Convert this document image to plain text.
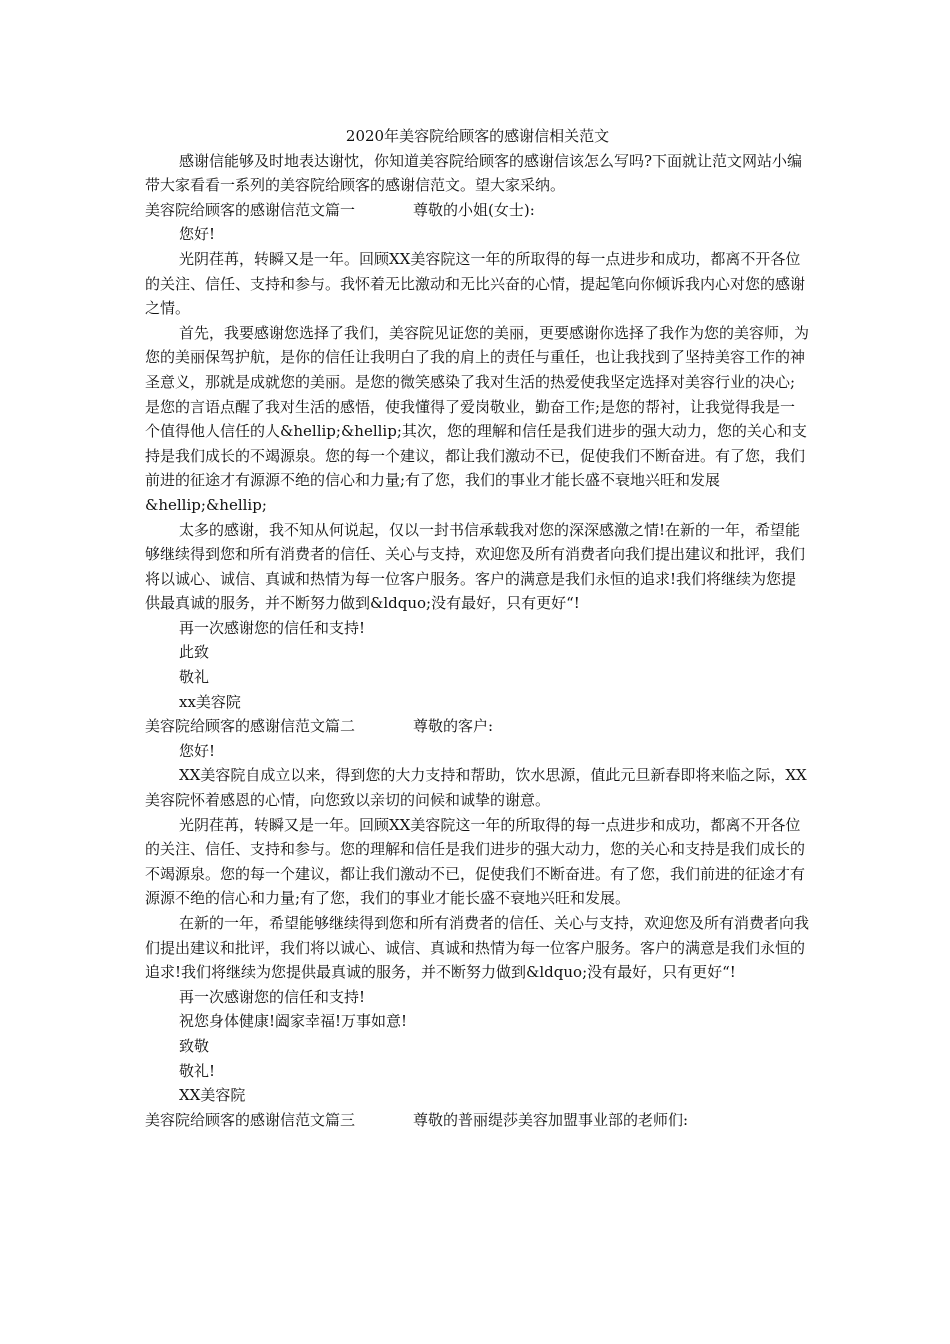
2020年美容院给顾客的感谢信相关范文

感谢信能够及时地表达谢忱，你知道美容院给顾客的感谢信该怎么写吗?下面就让范文网站小编带大家看看一系列的美容院给顾客的感谢信范文。望大家采纳。

美容院给顾客的感谢信范文篇一	尊敬的小姐(女士):

您好!

光阴荏苒，转瞬又是一年。回顾XX美容院这一年的所取得的每一点进步和成功，都离不开各位的关注、信任、支持和参与。我怀着无比激动和无比兴奋的心情，提起笔向你倾诉我内心对您的感谢之情。

首先，我要感谢您选择了我们，美容院见证您的美丽，更要感谢你选择了我作为您的美容师，为您的美丽保驾护航，是你的信任让我明白了我的肩上的责任与重任，也让我找到了坚持美容工作的神圣意义，那就是成就您的美丽。是您的微笑感染了我对生活的热爱使我坚定选择对美容行业的决心;是您的言语点醒了我对生活的感悟，使我懂得了爱岗敬业，勤奋工作;是您的帮衬，让我觉得我是一个值得他人信任的人&hellip;&hellip;其次，您的理解和信任是我们进步的强大动力，您的关心和支持是我们成长的不竭源泉。您的每一个建议，都让我们激动不已，促使我们不断奋进。有了您，我们前进的征途才有源源不绝的信心和力量;有了您，我们的事业才能长盛不衰地兴旺和发展&hellip;&hellip;

太多的感谢，我不知从何说起，仅以一封书信承载我对您的深深感激之情!在新的一年，希望能够继续得到您和所有消费者的信任、关心与支持，欢迎您及所有消费者向我们提出建议和批评，我们将以诚心、诚信、真诚和热情为每一位客户服务。客户的满意是我们永恒的追求!我们将继续为您提供最真诚的服务，并不断努力做到&ldquo;没有最好，只有更好“!

再一次感谢您的信任和支持!

此致

敬礼

xx美容院

美容院给顾客的感谢信范文篇二	尊敬的客户:

您好!

XX美容院自成立以来，得到您的大力支持和帮助，饮水思源，值此元旦新春即将来临之际，XX美容院怀着感恩的心情，向您致以亲切的问候和诚挚的谢意。

光阴荏苒，转瞬又是一年。回顾XX美容院这一年的所取得的每一点进步和成功，都离不开各位的关注、信任、支持和参与。您的理解和信任是我们进步的强大动力，您的关心和支持是我们成长的不竭源泉。您的每一个建议，都让我们激动不已，促使我们不断奋进。有了您，我们前进的征途才有源源不绝的信心和力量;有了您，我们的事业才能长盛不衰地兴旺和发展。

在新的一年，希望能够继续得到您和所有消费者的信任、关心与支持，欢迎您及所有消费者向我们提出建议和批评，我们将以诚心、诚信、真诚和热情为每一位客户服务。客户的满意是我们永恒的追求!我们将继续为您提供最真诚的服务，并不断努力做到&ldquo;没有最好，只有更好“!

再一次感谢您的信任和支持!

祝您身体健康!阖家幸福!万事如意!

致敬

敬礼!

XX美容院

美容院给顾客的感谢信范文篇三	尊敬的普丽缇莎美容加盟事业部的老师们:
